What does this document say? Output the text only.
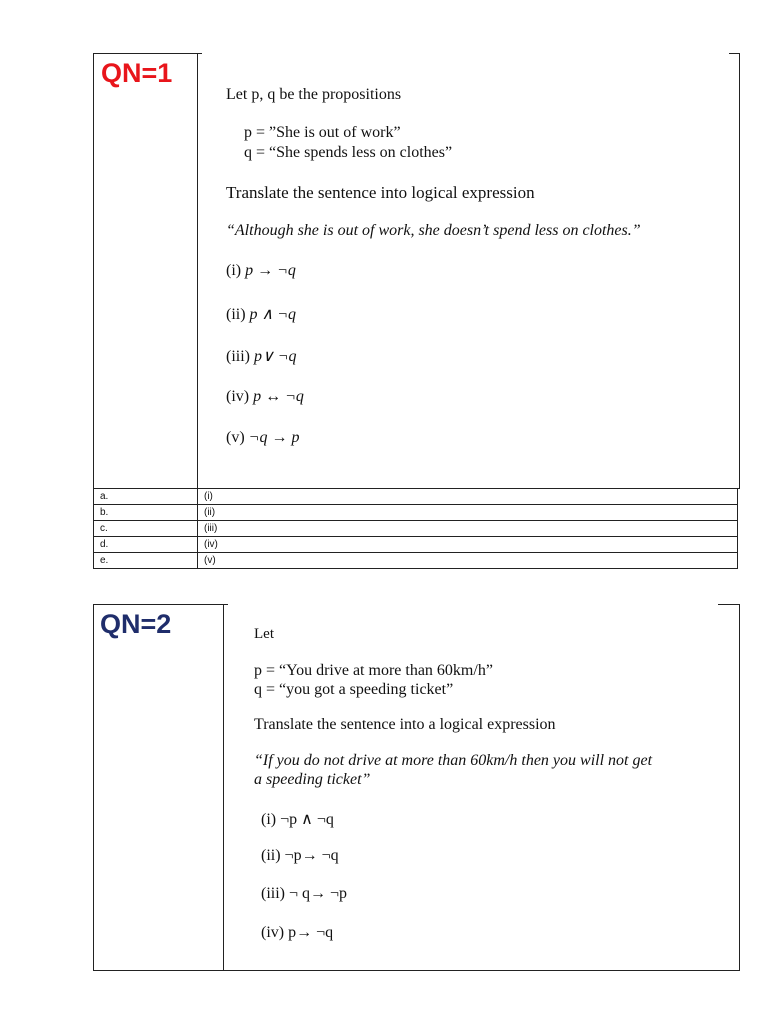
QN=1
Let p, q be the propositions
p = ”She is out of work”
q = “She spends less on clothes”
Translate the sentence into logical expression
“Although she is out of work, she doesn’t spend less on clothes.”
(i) p → ¬q
(ii) p ∧ ¬q
(iii) p∨ ¬q
(iv) p ↔ ¬q
(v) ¬q → p
a.	(i)
b.	(ii)
c.	(iii)
d.	(iv)
e.	(v)
QN=2	Let
p = “You drive at more than 60km/h”
q = “you got a speeding ticket”
Translate the sentence into a logical expression
“If you do not drive at more than 60km/h then you will not get
a speeding ticket”
(i) ¬p ∧ ¬q
(ii) ¬p→ ¬q
(iii) ¬ q→ ¬p
(iv) p→ ¬q
